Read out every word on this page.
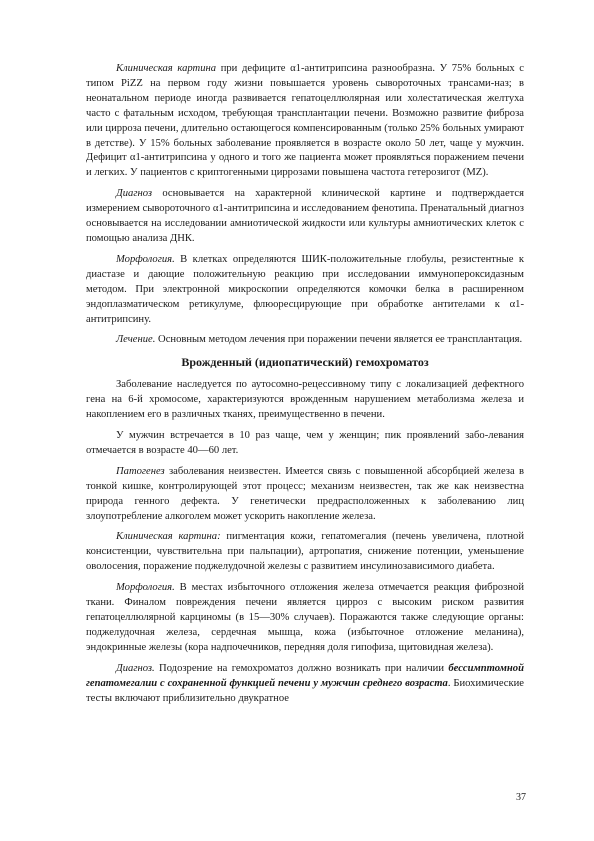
Клиническая картина при дефиците α1-антитрипсина разнообразна. У 75% больных с типом PiZZ на первом году жизни повышается уровень сывороточных трансами-наз; в неонатальном периоде иногда развивается гепатоцеллюлярная или холестатическая желтуха часто с фатальным исходом, требующая трансплантации печени. Возможно развитие фиброза или цирроза печени, длительно остающегося компенсированным (только 25% больных умирают в детстве). У 15% больных заболевание проявляется в возрасте около 50 лет, чаще у мужчин. Дефицит α1-антитрипсина у одного и того же пациента может проявляться поражением печени и легких. У пациентов с криптогенными циррозами повышена частота гетерозигот (MZ).

Диагноз основывается на характерной клинической картине и подтверждается измерением сывороточного α1-антитрипсина и исследованием фенотипа. Пренатальный диагноз основывается на исследовании амниотической жидкости или культуры амниотических клеток с помощью анализа ДНК.

Морфология. В клетках определяются ШИК-положительные глобулы, резистентные к диастазе и дающие положительную реакцию при исследовании иммунопероксидазным методом. При электронной микроскопии определяются комочки белка в расширенном эндоплазматическом ретикулуме, флюоресцирующие при обработке антителами к α1-антитрипсину.

Лечение. Основным методом лечения при поражении печени является ее трансплантация.

Врожденный (идиопатический) гемохроматоз

Заболевание наследуется по аутосомно-рецессивному типу с локализацией дефектного гена на 6-й хромосоме, характеризуются врожденным нарушением метаболизма железа и накоплением его в различных тканях, преимущественно в печени.

У мужчин встречается в 10 раз чаще, чем у женщин; пик проявлений забо-левания отмечается в возрасте 40—60 лет.

Патогенез заболевания неизвестен. Имеется связь с повышенной абсорбцией железа в тонкой кишке, контролирующей этот процесс; механизм неизвестен, так же как неизвестна природа генного дефекта. У генетически предрасположенных к заболеванию лиц злоупотребление алкоголем может ускорить накопление железа.

Клиническая картина: пигментация кожи, гепатомегалия (печень увеличена, плотной консистенции, чувствительна при пальпации), артропатия, снижение потенции, уменьшение оволосения, поражение поджелудочной железы с развитием инсулинозависимого диабета.

Морфология. В местах избыточного отложения железа отмечается реакция фиброзной ткани. Финалом повреждения печени является цирроз с высоким риском развития гепатоцеллюлярной карциномы (в 15—30% случаев). Поражаются также следующие органы: поджелудочная железа, сердечная мышца, кожа (избыточное отложение меланина), эндокринные железы (кора надпочечников, передняя доля гипофиза, щитовидная железа).

Диагноз. Подозрение на гемохроматоз должно возникать при наличии бессимптомной гепатомегалии с сохраненной функцией печени у мужчин среднего возраста. Биохимические тесты включают приблизительно двукратное

37
